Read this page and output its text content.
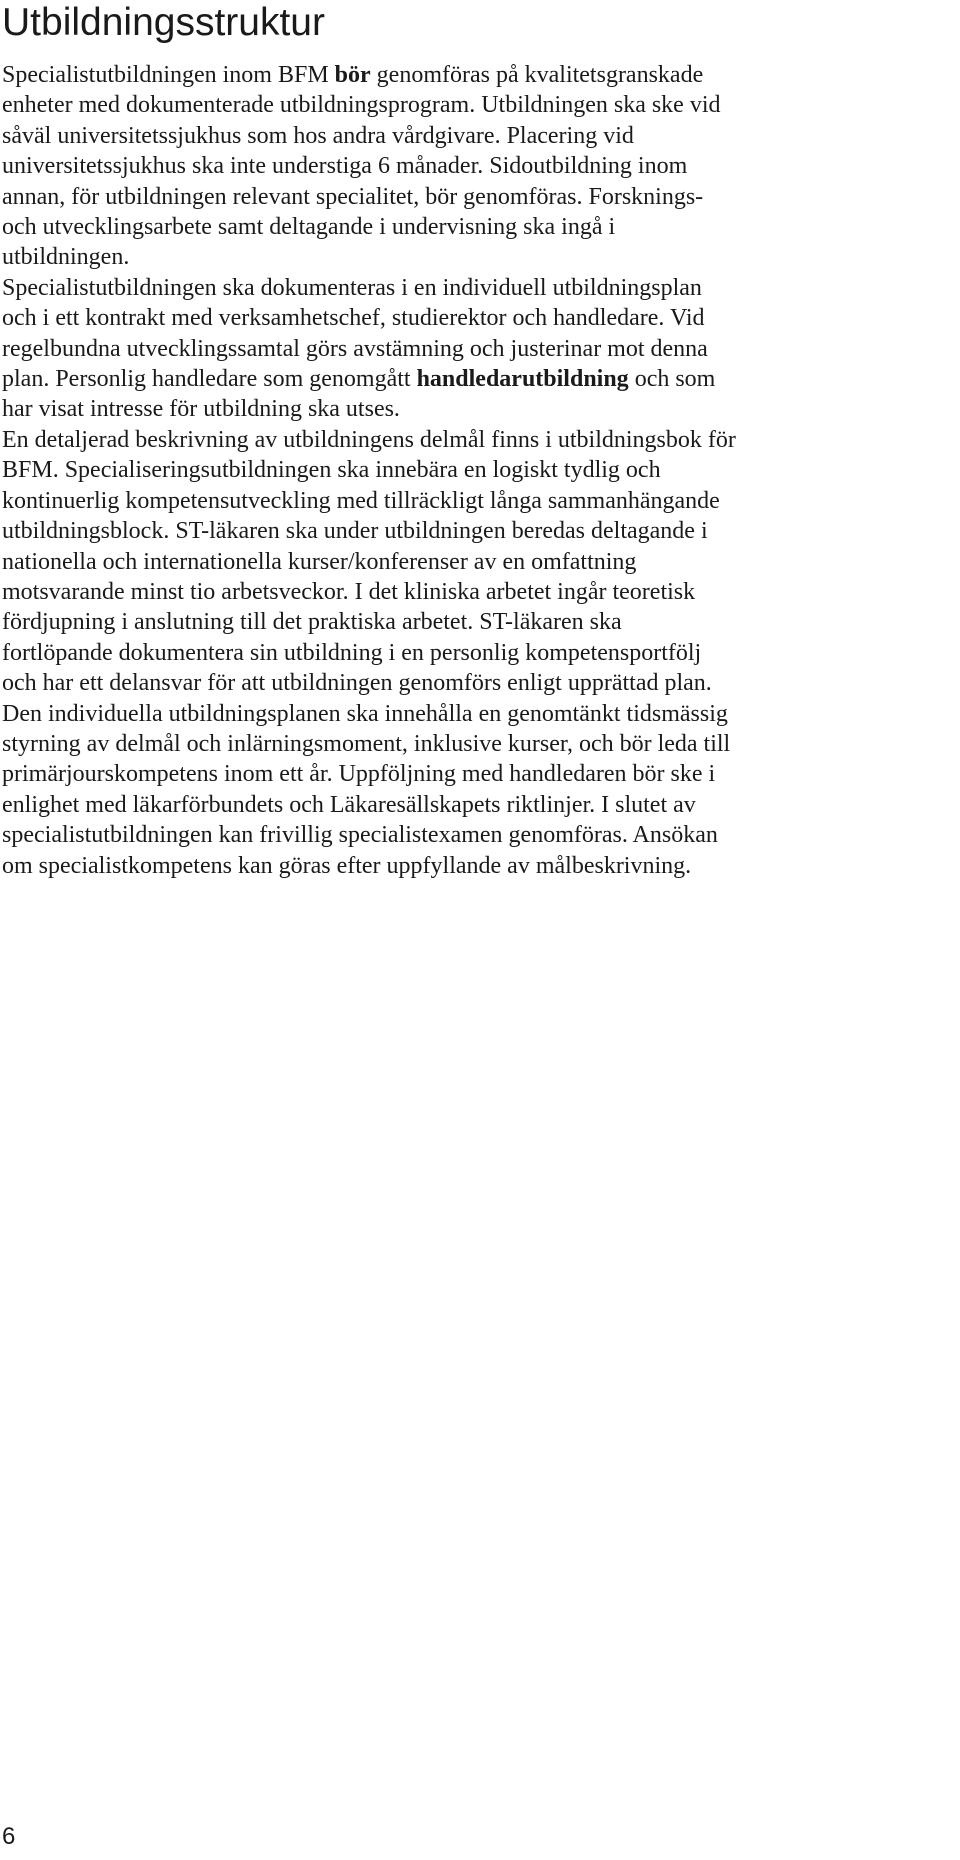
Utbildningsstruktur

Specialistutbildningen inom BFM bör genomföras på kvalitetsgranskade
enheter med dokumenterade utbildningsprogram. Utbildningen ska ske vid
såväl universitetssjukhus som hos andra vårdgivare. Placering vid
universitetssjukhus ska inte understiga 6 månader. Sidoutbildning inom
annan, för utbildningen relevant specialitet, bör genomföras. Forsknings-
och utvecklingsarbete samt deltagande i undervisning ska ingå i
utbildningen.

Specialistutbildningen ska dokumenteras i en individuell utbildningsplan
och i ett kontrakt med verksamhetschef, studierektor och handledare. Vid
regelbundna utvecklingssamtal görs avstämning och justerinar mot denna
plan. Personlig handledare som genomgått handledarutbildning och som
har visat intresse för utbildning ska utses.

En detaljerad beskrivning av utbildningens delmål finns i utbildningsbok för
BFM. Specialiseringsutbildningen ska innebära en logiskt tydlig och
kontinuerlig kompetensutveckling med tillräckligt långa sammanhängande
utbildningsblock. ST-läkaren ska under utbildningen beredas deltagande i
nationella och internationella kurser/konferenser av en omfattning
motsvarande minst tio arbetsveckor. I det kliniska arbetet ingår teoretisk
fördjupning i anslutning till det praktiska arbetet. ST-läkaren ska
fortlöpande dokumentera sin utbildning i en personlig kompetensportfölj
och har ett delansvar för att utbildningen genomförs enligt upprättad plan.
Den individuella utbildningsplanen ska innehålla en genomtänkt tidsmässig
styrning av delmål och inlärningsmoment, inklusive kurser, och bör leda till
primärjourskompetens inom ett år. Uppföljning med handledaren bör ske i
enlighet med läkarförbundets och Läkaresällskapets riktlinjer. I slutet av
specialistutbildningen kan frivillig specialistexamen genomföras. Ansökan
om specialistkompetens kan göras efter uppfyllande av målbeskrivning.

6
